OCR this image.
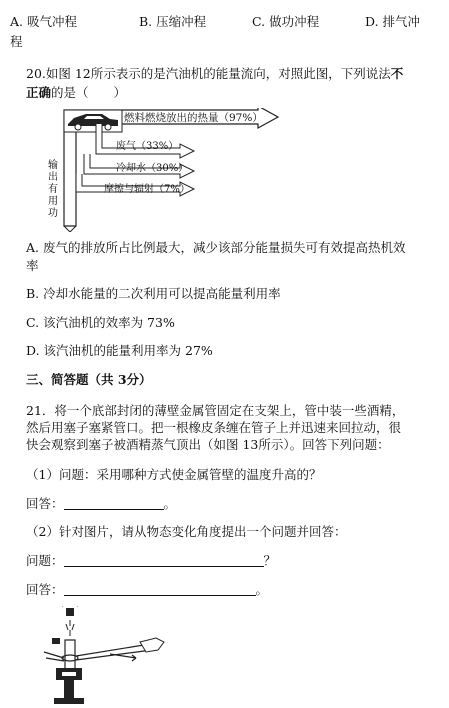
A. 吸气冲程	B. 压缩冲程	C. 做功冲程	D. 排气冲
程
20.如图 12所示表示的是汽油机的能量流向，对照此图，下列说法不
正确的是（　　）
燃料燃烧放出的热量（97%）
废气（33%）
冷却水（30%）
摩擦与辐射（7%）
输
出
有
用
功
A. 废气的排放所占比例最大，减少该部分能量损失可有效提高热机效
率
B. 冷却水能量的二次利用可以提高能量利用率
C. 该汽油机的效率为 73%
D. 该汽油机的能量利用率为 27%
三、简答题（共 3分）
21．将一个底部封闭的薄壁金属管固定在支架上，管中装一些酒精，
然后用塞子塞紧管口。把一根橡皮条缠在管子上并迅速来回拉动，很
快会观察到塞子被酒精蒸气顶出（如图 13所示）。回答下列问题：
（1）问题：采用哪种方式使金属管壁的温度升高的？
回答：	。
（2）针对图片，请从物态变化角度提出一个问题并回答：
问题：	？
回答：	。
